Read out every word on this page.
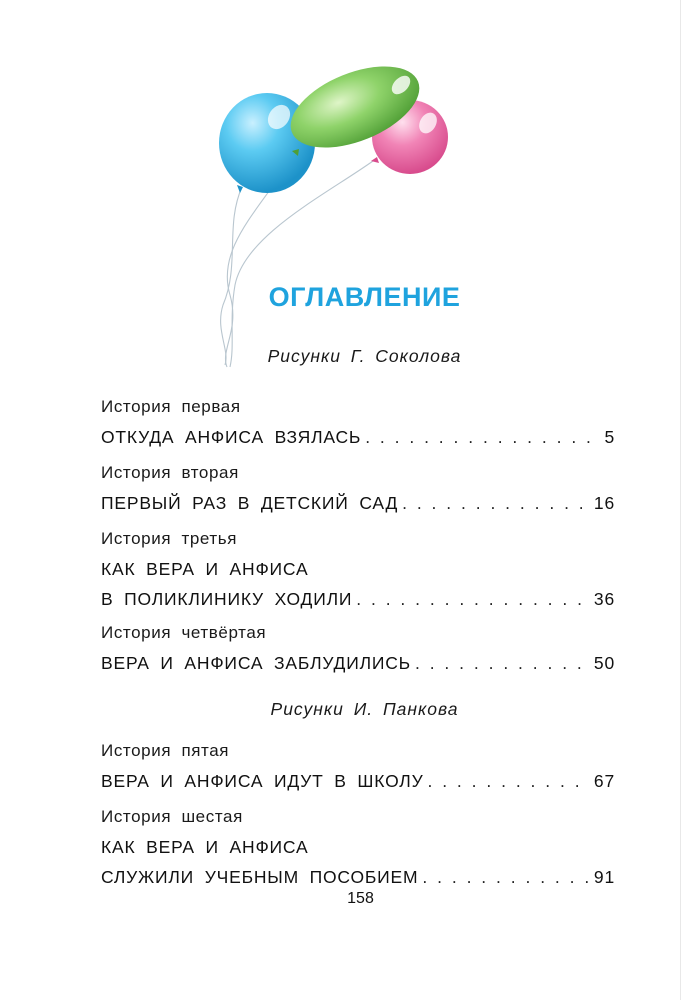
ОГЛАВЛЕНИЕ
Рисунки Г. Соколова
История первая
ОТКУДА АНФИСА ВЗЯЛАСЬ . . .	5
История вторая
ПЕРВЫЙ РАЗ В ДЕТСКИЙ САД . . .	16
История третья
КАК ВЕРА И АНФИСА
В ПОЛИКЛИНИКУ ХОДИЛИ . . .	36
История четвёртая
ВЕРА И АНФИСА ЗАБЛУДИЛИСЬ . . .	50
Рисунки И. Панкова
История пятая
ВЕРА И АНФИСА ИДУТ В ШКОЛУ . . .	67
История шестая
КАК ВЕРА И АНФИСА
СЛУЖИЛИ УЧЕБНЫМ ПОСОБИЕМ . . .	91
158
